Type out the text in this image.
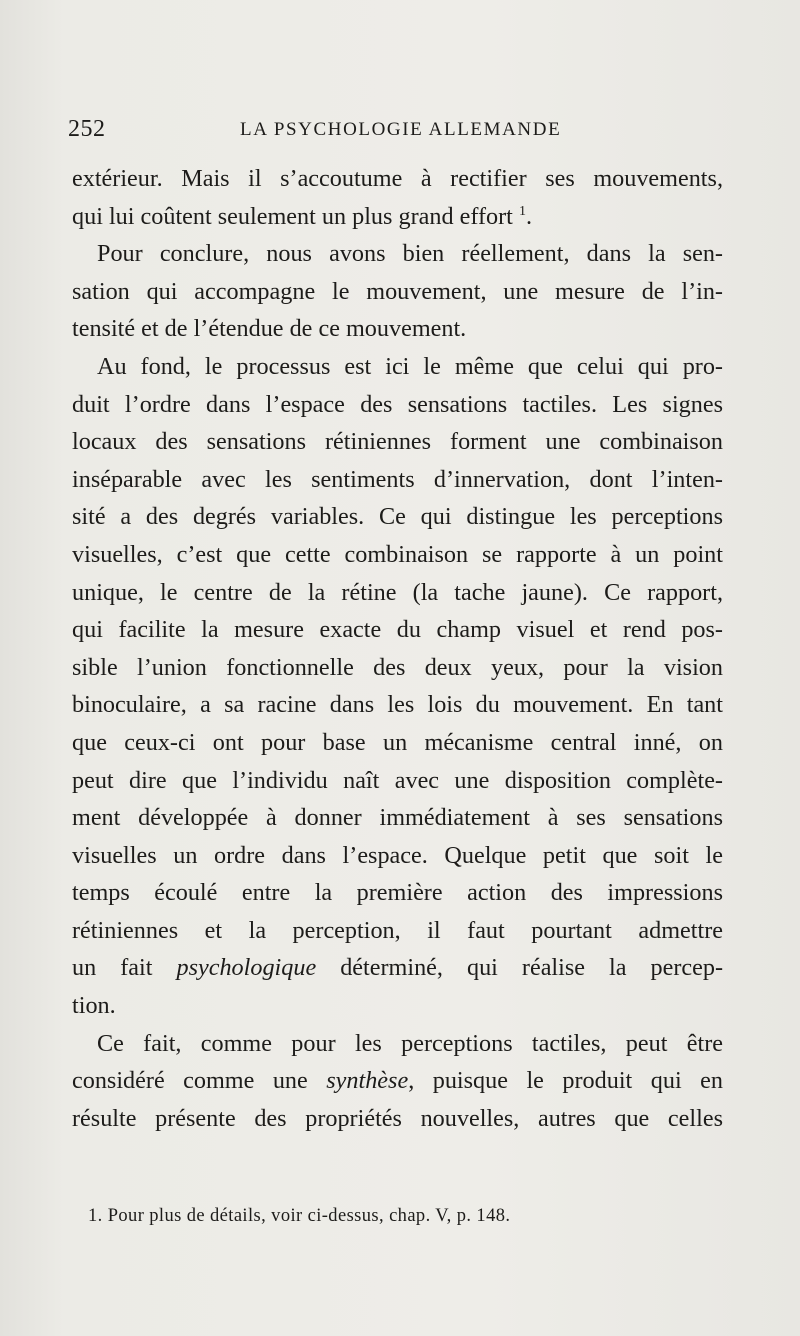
252	LA PSYCHOLOGIE ALLEMANDE

extérieur. Mais il s’accoutume à rectifier ses mouvements,
qui lui coûtent seulement un plus grand effort $^1$.

Pour conclure, nous avons bien réellement, dans la sen-
sation qui accompagne le mouvement, une mesure de l’in-
tensité et de l’étendue de ce mouvement.

Au fond, le processus est ici le même que celui qui pro-
duit l’ordre dans l’espace des sensations tactiles. Les signes
locaux des sensations rétiniennes forment une combinaison
inséparable avec les sentiments d’innervation, dont l’inten-
sité a des degrés variables. Ce qui distingue les perceptions
visuelles, c’est que cette combinaison se rapporte à un point
unique, le centre de la rétine (la tache jaune). Ce rapport,
qui facilite la mesure exacte du champ visuel et rend pos-
sible l’union fonctionnelle des deux yeux, pour la vision
binoculaire, a sa racine dans les lois du mouvement. En tant
que ceux-ci ont pour base un mécanisme central inné, on
peut dire que l’individu naît avec une disposition complète-
ment développée à donner immédiatement à ses sensations
visuelles un ordre dans l’espace. Quelque petit que soit le
temps écoulé entre la première action des impressions
rétiniennes et la perception, il faut pourtant admettre
un fait psychologique déterminé, qui réalise la percep-
tion.

Ce fait, comme pour les perceptions tactiles, peut être
considéré comme une synthèse, puisque le produit qui en
résulte présente des propriétés nouvelles, autres que celles

1. Pour plus de détails, voir ci-dessus, chap. V, p. 148.
